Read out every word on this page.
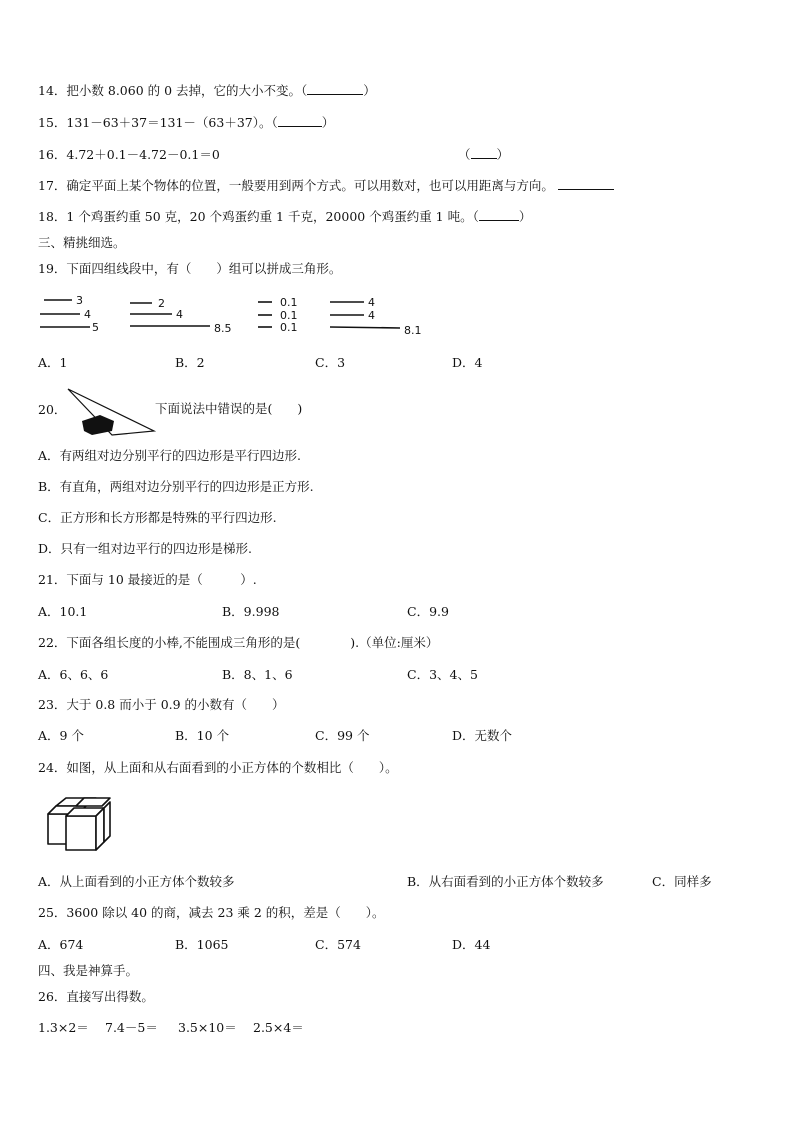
14．把小数 8.060 的 0 去掉，它的大小不变。（	）
15．131－63＋37＝131－（63＋37）。（	）
16．4.72＋0.1－4.72－0.1＝0	（ ）
17．确定平面上某个物体的位置，一般要用到两个方式。可以用数对，也可以用距离与方向。
18．1 个鸡蛋约重 50 克，20 个鸡蛋约重 1 千克，20000 个鸡蛋约重 1 吨。（	）
三、精挑细选。
19．下面四组线段中，有（　　）组可以拼成三角形。
3
4
5
2
4
8.5
0.1
0.1
0.1
4
4
8.1
A．1	B．2	C．3	D．4
20．	下面说法中错误的是(　　)
A．有两组对边分别平行的四边形是平行四边形.
B．有直角，两组对边分别平行的四边形是正方形.
C．正方形和长方形都是特殊的平行四边形.
D．只有一组对边平行的四边形是梯形.
21．下面与 10 最接近的是（　　　）.
A．10.1	B．9.998	C．9.9
22．下面各组长度的小棒,不能围成三角形的是(　　　　).（单位:厘米）
A．6、6、6	B．8、1、6	C．3、4、5
23．大于 0.8 而小于 0.9 的小数有（　　）
A．9 个	B．10 个	C．99 个	D．无数个
24．如图，从上面和从右面看到的小正方体的个数相比（　　）。
A．从上面看到的小正方体个数较多	B．从右面看到的小正方体个数较多	C．同样多
25．3600 除以 40 的商，减去 23 乘 2 的积，差是（　　）。
A．674	B．1065	C．574	D．44
四、我是神算手。
26．直接写出得数。
1.3×2＝ 7.4－5＝ 3.5×10＝ 2.5×4＝
